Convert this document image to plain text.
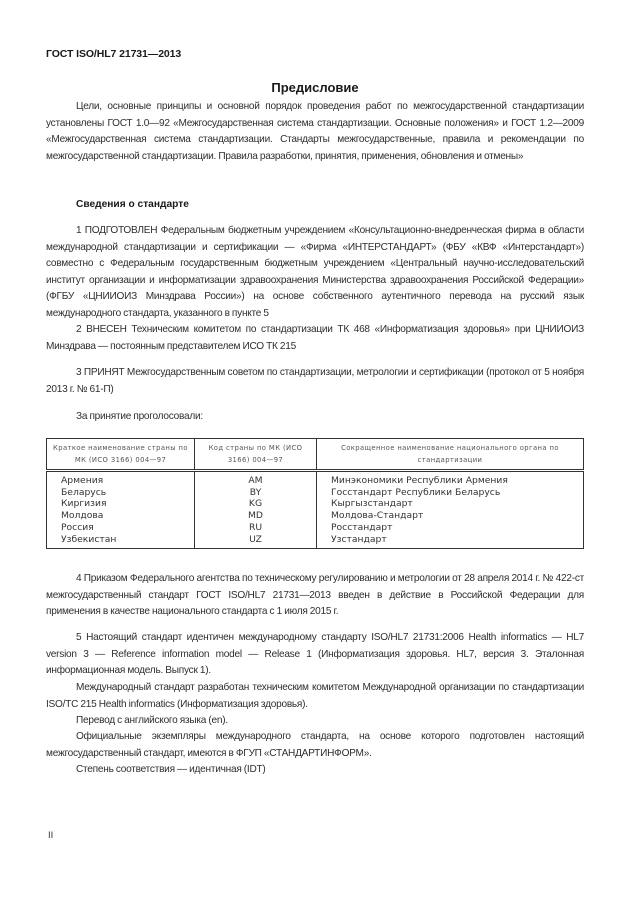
ГОСТ ISO/HL7 21731—2013
Предисловие
Цели, основные принципы и основной порядок проведения работ по межгосударственной стандартизации установлены ГОСТ 1.0—92 «Межгосударственная система стандартизации. Основные положения» и ГОСТ 1.2—2009 «Межгосударственная система стандартизации. Стандарты межгосударственные, правила и рекомендации по межгосударственной стандартизации. Правила разработки, принятия, применения, обновления и отмены»
Сведения о стандарте
1 ПОДГОТОВЛЕН Федеральным бюджетным учреждением «Консультационно-внедренческая фирма в области международной стандартизации и сертификации — «Фирма «ИНТЕРСТАНДАРТ» (ФБУ «КВФ «Интерстандарт») совместно с Федеральным государственным бюджетным учреждением «Центральный научно-исследовательский институт организации и информатизации здравоохранения Министерства здравоохранения Российской Федерации» (ФГБУ «ЦНИИОИЗ Минздрава России») на основе собственного аутентичного перевода на русский язык международного стандарта, указанного в пункте 5
2 ВНЕСЕН Техническим комитетом по стандартизации ТК 468 «Информатизация здоровья» при ЦНИИОИЗ Минздрава — постоянным представителем ИСО ТК 215
3 ПРИНЯТ Межгосударственным советом по стандартизации, метрологии и сертификации (протокол от 5 ноября 2013 г. № 61-П)
За принятие проголосовали:
Краткое наименование страны по МК (ИСО 3166) 004—97	Код страны по МК (ИСО 3166) 004—97	Сокращенное наименование национального органа по стандартизации
Армения	AM	Минэкономики Республики Армения
Беларусь	BY	Госстандарт Республики Беларусь
Киргизия	KG	Кыргызстандарт
Молдова	MD	Молдова-Стандарт
Россия	RU	Росстандарт
Узбекистан	UZ	Узстандарт
4 Приказом Федерального агентства по техническому регулированию и метрологии от 28 апреля 2014 г. № 422-ст межгосударственный стандарт ГОСТ ISO/HL7 21731—2013 введен в действие в Российской Федерации для применения в качестве национального стандарта с 1 июля 2015 г.
5 Настоящий стандарт идентичен международному стандарту ISO/HL7 21731:2006 Health informatics — HL7 version 3 — Reference information model — Release 1 (Информатизация здоровья. HL7, версия 3. Эталонная информационная модель. Выпуск 1).
Международный стандарт разработан техническим комитетом Международной организации по стандартизации ISO/TC 215 Health informatics (Информатизация здоровья).
Перевод с английского языка (en).
Официальные экземпляры международного стандарта, на основе которого подготовлен настоящий межгосударственный стандарт, имеются в ФГУП «СТАНДАРТИНФОРМ».
Степень соответствия — идентичная (IDT)
II
